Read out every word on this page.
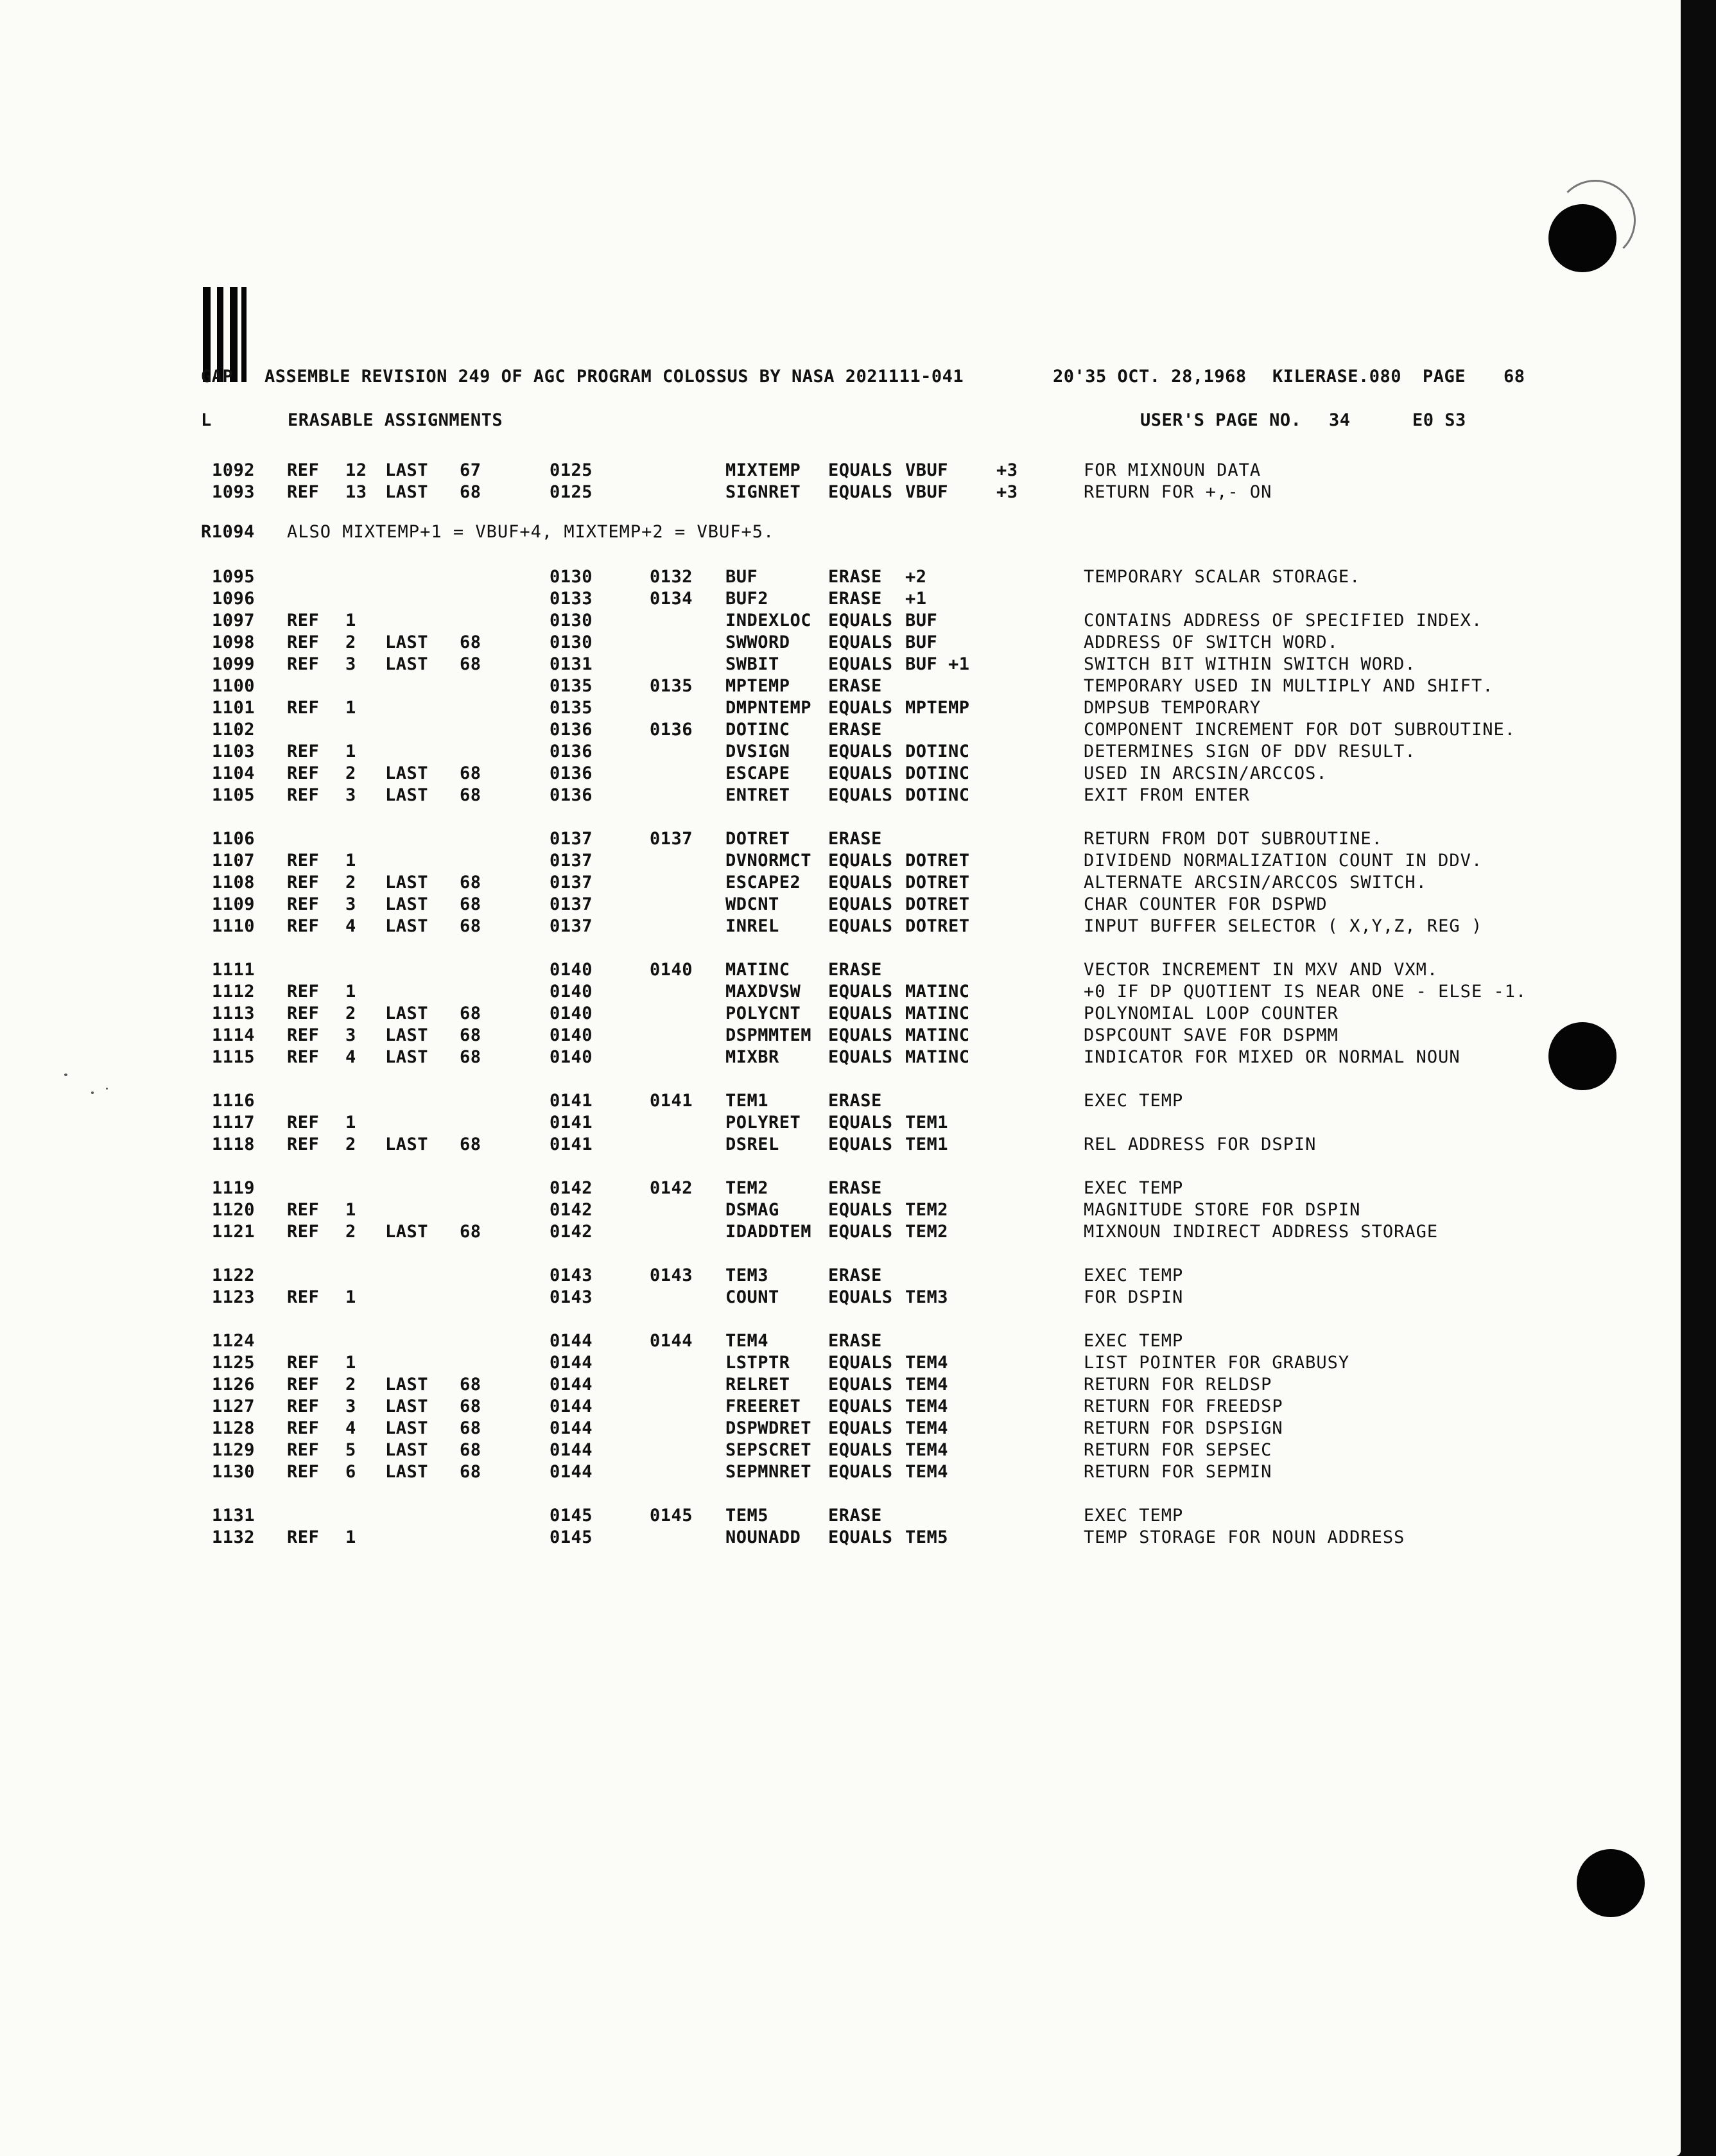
GAP ASSEMBLE REVISION 249 OF AGC PROGRAM COLOSSUS BY NASA 2021111-041	20'35 OCT. 28,1968 KILERASE.080 PAGE 68
L	ERASABLE ASSIGNMENTS	USER'S PAGE NO. 34	E0 S3
1092 REF 12 LAST 67	0125	MIXTEMP EQUALS VBUF	+3	FOR MIXNOUN DATA
1093 REF 13 LAST 68	0125	SIGNRET EQUALS VBUF	+3	RETURN FOR +,- ON
R1094 ALSO MIXTEMP+1 = VBUF+4, MIXTEMP+2 = VBUF+5.
1095	0130	0132 BUF	ERASE +2	TEMPORARY SCALAR STORAGE.
1096	0133	0134 BUF2	ERASE +1
1097 REF 1	0130	INDEXLOC EQUALS BUF	CONTAINS ADDRESS OF SPECIFIED INDEX.
1098 REF 2 LAST 68	0130	SWWORD EQUALS BUF	ADDRESS OF SWITCH WORD.
1099 REF 3 LAST 68	0131	SWBIT	EQUALS BUF +1	SWITCH BIT WITHIN SWITCH WORD.
1100	0135	0135 MPTEMP ERASE	TEMPORARY USED IN MULTIPLY AND SHIFT.
1101 REF 1	0135	DMPNTEMP EQUALS MPTEMP	DMPSUB TEMPORARY
1102	0136	0136 DOTINC ERASE	COMPONENT INCREMENT FOR DOT SUBROUTINE.
1103 REF 1	0136	DVSIGN EQUALS DOTINC	DETERMINES SIGN OF DDV RESULT.
1104 REF 2 LAST 68	0136	ESCAPE EQUALS DOTINC	USED IN ARCSIN/ARCCOS.
1105 REF 3 LAST 68	0136	ENTRET EQUALS DOTINC	EXIT FROM ENTER
1106	0137	0137 DOTRET ERASE	RETURN FROM DOT SUBROUTINE.
1107 REF 1	0137	DVNORMCT EQUALS DOTRET	DIVIDEND NORMALIZATION COUNT IN DDV.
1108 REF 2 LAST 68	0137	ESCAPE2 EQUALS DOTRET	ALTERNATE ARCSIN/ARCCOS SWITCH.
1109 REF 3 LAST 68	0137	WDCNT	EQUALS DOTRET	CHAR COUNTER FOR DSPWD
1110 REF 4 LAST 68	0137	INREL	EQUALS DOTRET	INPUT BUFFER SELECTOR ( X,Y,Z, REG )
1111	0140	0140 MATINC ERASE	VECTOR INCREMENT IN MXV AND VXM.
1112 REF 1	0140	MAXDVSW EQUALS MATINC	+0 IF DP QUOTIENT IS NEAR ONE - ELSE -1.
1113 REF 2 LAST 68	0140	POLYCNT EQUALS MATINC	POLYNOMIAL LOOP COUNTER
1114 REF 3 LAST 68	0140	DSPMMTEM EQUALS MATINC	DSPCOUNT SAVE FOR DSPMM
1115 REF 4 LAST 68	0140	MIXBR	EQUALS MATINC	INDICATOR FOR MIXED OR NORMAL NOUN
1116	0141	0141 TEM1	ERASE	EXEC TEMP
1117 REF 1	0141	POLYRET EQUALS TEM1
1118 REF 2 LAST 68	0141	DSREL	EQUALS TEM1	REL ADDRESS FOR DSPIN
1119	0142	0142 TEM2	ERASE	EXEC TEMP
1120 REF 1	0142	DSMAG	EQUALS TEM2	MAGNITUDE STORE FOR DSPIN
1121 REF 2 LAST 68	0142	IDADDTEM EQUALS TEM2	MIXNOUN INDIRECT ADDRESS STORAGE
1122	0143	0143 TEM3	ERASE	EXEC TEMP
1123 REF 1	0143	COUNT	EQUALS TEM3	FOR DSPIN
1124	0144	0144 TEM4	ERASE	EXEC TEMP
1125 REF 1	0144	LSTPTR EQUALS TEM4	LIST POINTER FOR GRABUSY
1126 REF 2 LAST 68	0144	RELRET EQUALS TEM4	RETURN FOR RELDSP
1127 REF 3 LAST 68	0144	FREERET EQUALS TEM4	RETURN FOR FREEDSP
1128 REF 4 LAST 68	0144	DSPWDRET EQUALS TEM4	RETURN FOR DSPSIGN
1129 REF 5 LAST 68	0144	SEPSCRET EQUALS TEM4	RETURN FOR SEPSEC
1130 REF 6 LAST 68	0144	SEPMNRET EQUALS TEM4	RETURN FOR SEPMIN
1131	0145	0145 TEM5	ERASE	EXEC TEMP
1132 REF 1	0145	NOUNADD EQUALS TEM5	TEMP STORAGE FOR NOUN ADDRESS
